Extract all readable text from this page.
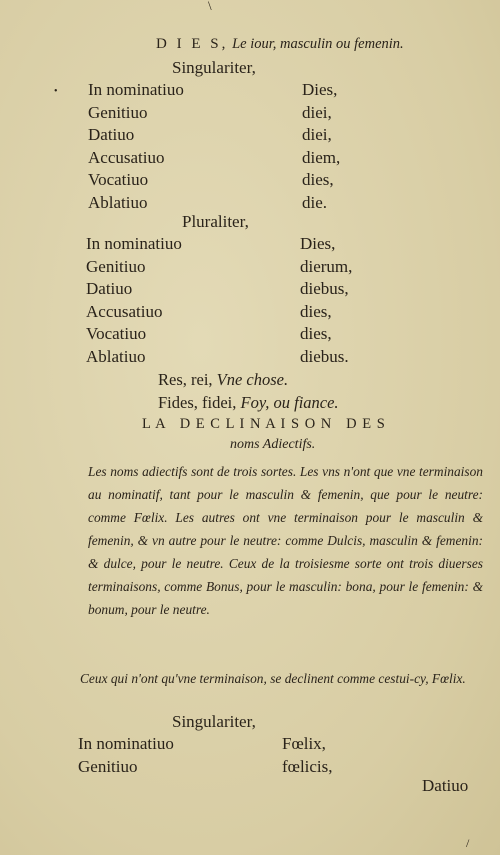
\
D I E S, Le iour, masculin ou femenin.
Singulariter,
• In nominatiuo	Dies,
Genitiuo	diei,
Datiuo	diei,
Accusatiuo	diem,
Vocatiuo	dies,
Ablatiuo	die.
Pluraliter,
In nominatiuo	Dies,
Genitiuo	dierum,
Datiuo	diebus,
Accusatiuo	dies,
Vocatiuo	dies,
Ablatiuo	diebus.
Res, rei, Vne chose.
Fides, fidei, Foy, ou fiance.
L A   D E C L I N A I S O N   D E S
noms Adiectifs.
Les noms adiectifs sont de trois sortes. Les vns n'ont que vne terminaison au nominatif, tant pour le masculin & femenin, que pour le neutre: comme Fœlix. Les autres ont vne terminaison pour le masculin & femenin, & vn autre pour le neutre: comme Dulcis, masculin & femenin: & dulce, pour le neutre. Ceux de la troisiesme sorte ont trois diuerses terminaisons, comme Bonus, pour le masculin: bona, pour le femenin: & bonum, pour le neutre.
Ceux qui n'ont qu'vne terminaison, se declinent comme cestui-cy, Fœlix.
Singulariter,
In nominatiuo	Fœlix,
Genitiuo	fœlicis,
Datiuo
/
